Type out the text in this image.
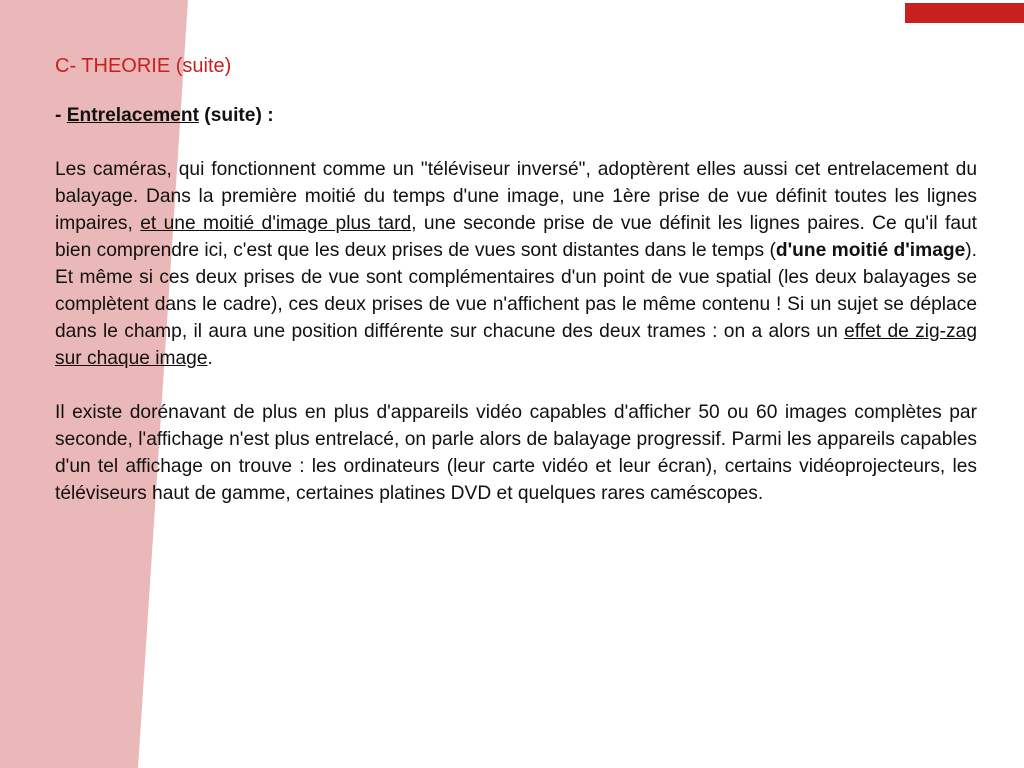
C- THEORIE (suite)
- Entrelacement (suite) :
Les caméras, qui fonctionnent comme un "téléviseur inversé", adoptèrent elles aussi cet entrelacement du balayage. Dans la première moitié du temps d'une image, une 1ère prise de vue définit toutes les lignes impaires, et une moitié d'image plus tard, une seconde prise de vue définit les lignes paires. Ce qu'il faut bien comprendre ici, c'est que les deux prises de vues sont distantes dans le temps (d'une moitié d'image). Et même si ces deux prises de vue sont complémentaires d'un point de vue spatial (les deux balayages se complètent dans le cadre), ces deux prises de vue n'affichent pas le même contenu ! Si un sujet se déplace dans le champ, il aura une position différente sur chacune des deux trames : on a alors un effet de zig-zag sur chaque image.
Il existe dorénavant de plus en plus d'appareils vidéo capables d'afficher 50 ou 60 images complètes par seconde, l'affichage n'est plus entrelacé, on parle alors de balayage progressif. Parmi les appareils capables d'un tel affichage on trouve : les ordinateurs (leur carte vidéo et leur écran), certains vidéoprojecteurs, les téléviseurs haut de gamme, certaines platines DVD et quelques rares caméscopes.
